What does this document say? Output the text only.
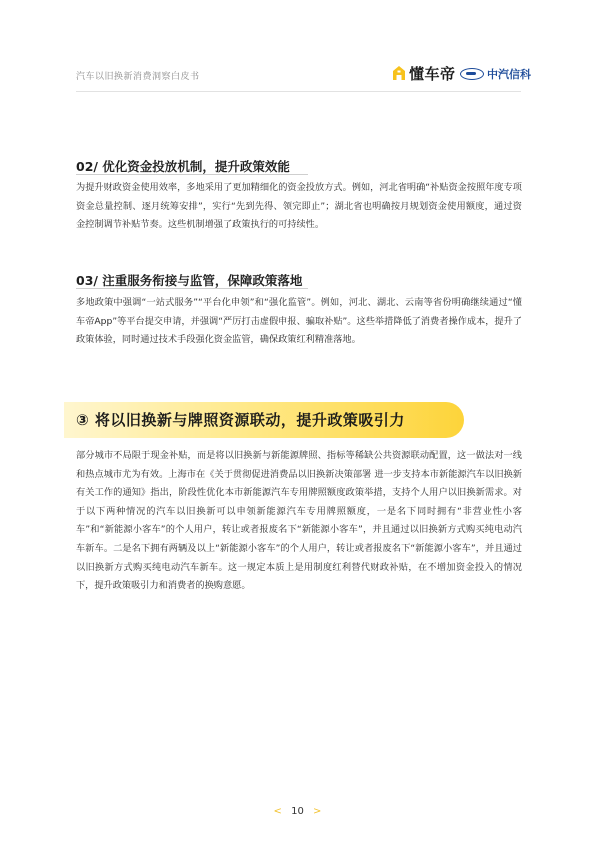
汽车以旧换新消费洞察白皮书	懂车帝	中汽信科
02/ 优化资金投放机制，提升政策效能

为提升财政资金使用效率，多地采用了更加精细化的资金投放方式。例如，河北省明确“补贴资金按照年度专项资金总量控制、逐月统筹安排”，实行“先到先得、领完即止”；湖北省也明确按月规划资金使用额度，通过资金控制调节补贴节奏。这些机制增强了政策执行的可持续性。

03/ 注重服务衔接与监管，保障政策落地

多地政策中强调“一站式服务”“平台化申领”和“强化监管”。例如，河北、湖北、云南等省份明确继续通过“懂车帝App”等平台提交申请，并强调“严厉打击虚假申报、骗取补贴”。这些举措降低了消费者操作成本，提升了政策体验，同时通过技术手段强化资金监管，确保政策红利精准落地。

③ 将以旧换新与牌照资源联动，提升政策吸引力

部分城市不局限于现金补贴，而是将以旧换新与新能源牌照、指标等稀缺公共资源联动配置，这一做法对一线和热点城市尤为有效。上海市在《关于贯彻促进消费品以旧换新决策部署 进一步支持本市新能源汽车以旧换新有关工作的通知》指出，阶段性优化本市新能源汽车专用牌照额度政策举措，支持个人用户以旧换新需求。对于以下两种情况的汽车以旧换新可以申领新能源汽车专用牌照额度，一是名下同时拥有“非营业性小客车”和“新能源小客车”的个人用户，转让或者报废名下“新能源小客车”，并且通过以旧换新方式购买纯电动汽车新车。二是名下拥有两辆及以上“新能源小客车”的个人用户，转让或者报废名下“新能源小客车”，并且通过以旧换新方式购买纯电动汽车新车。这一规定本质上是用制度红利替代财政补贴，在不增加资金投入的情况下，提升政策吸引力和消费者的换购意愿。

< 10 >
